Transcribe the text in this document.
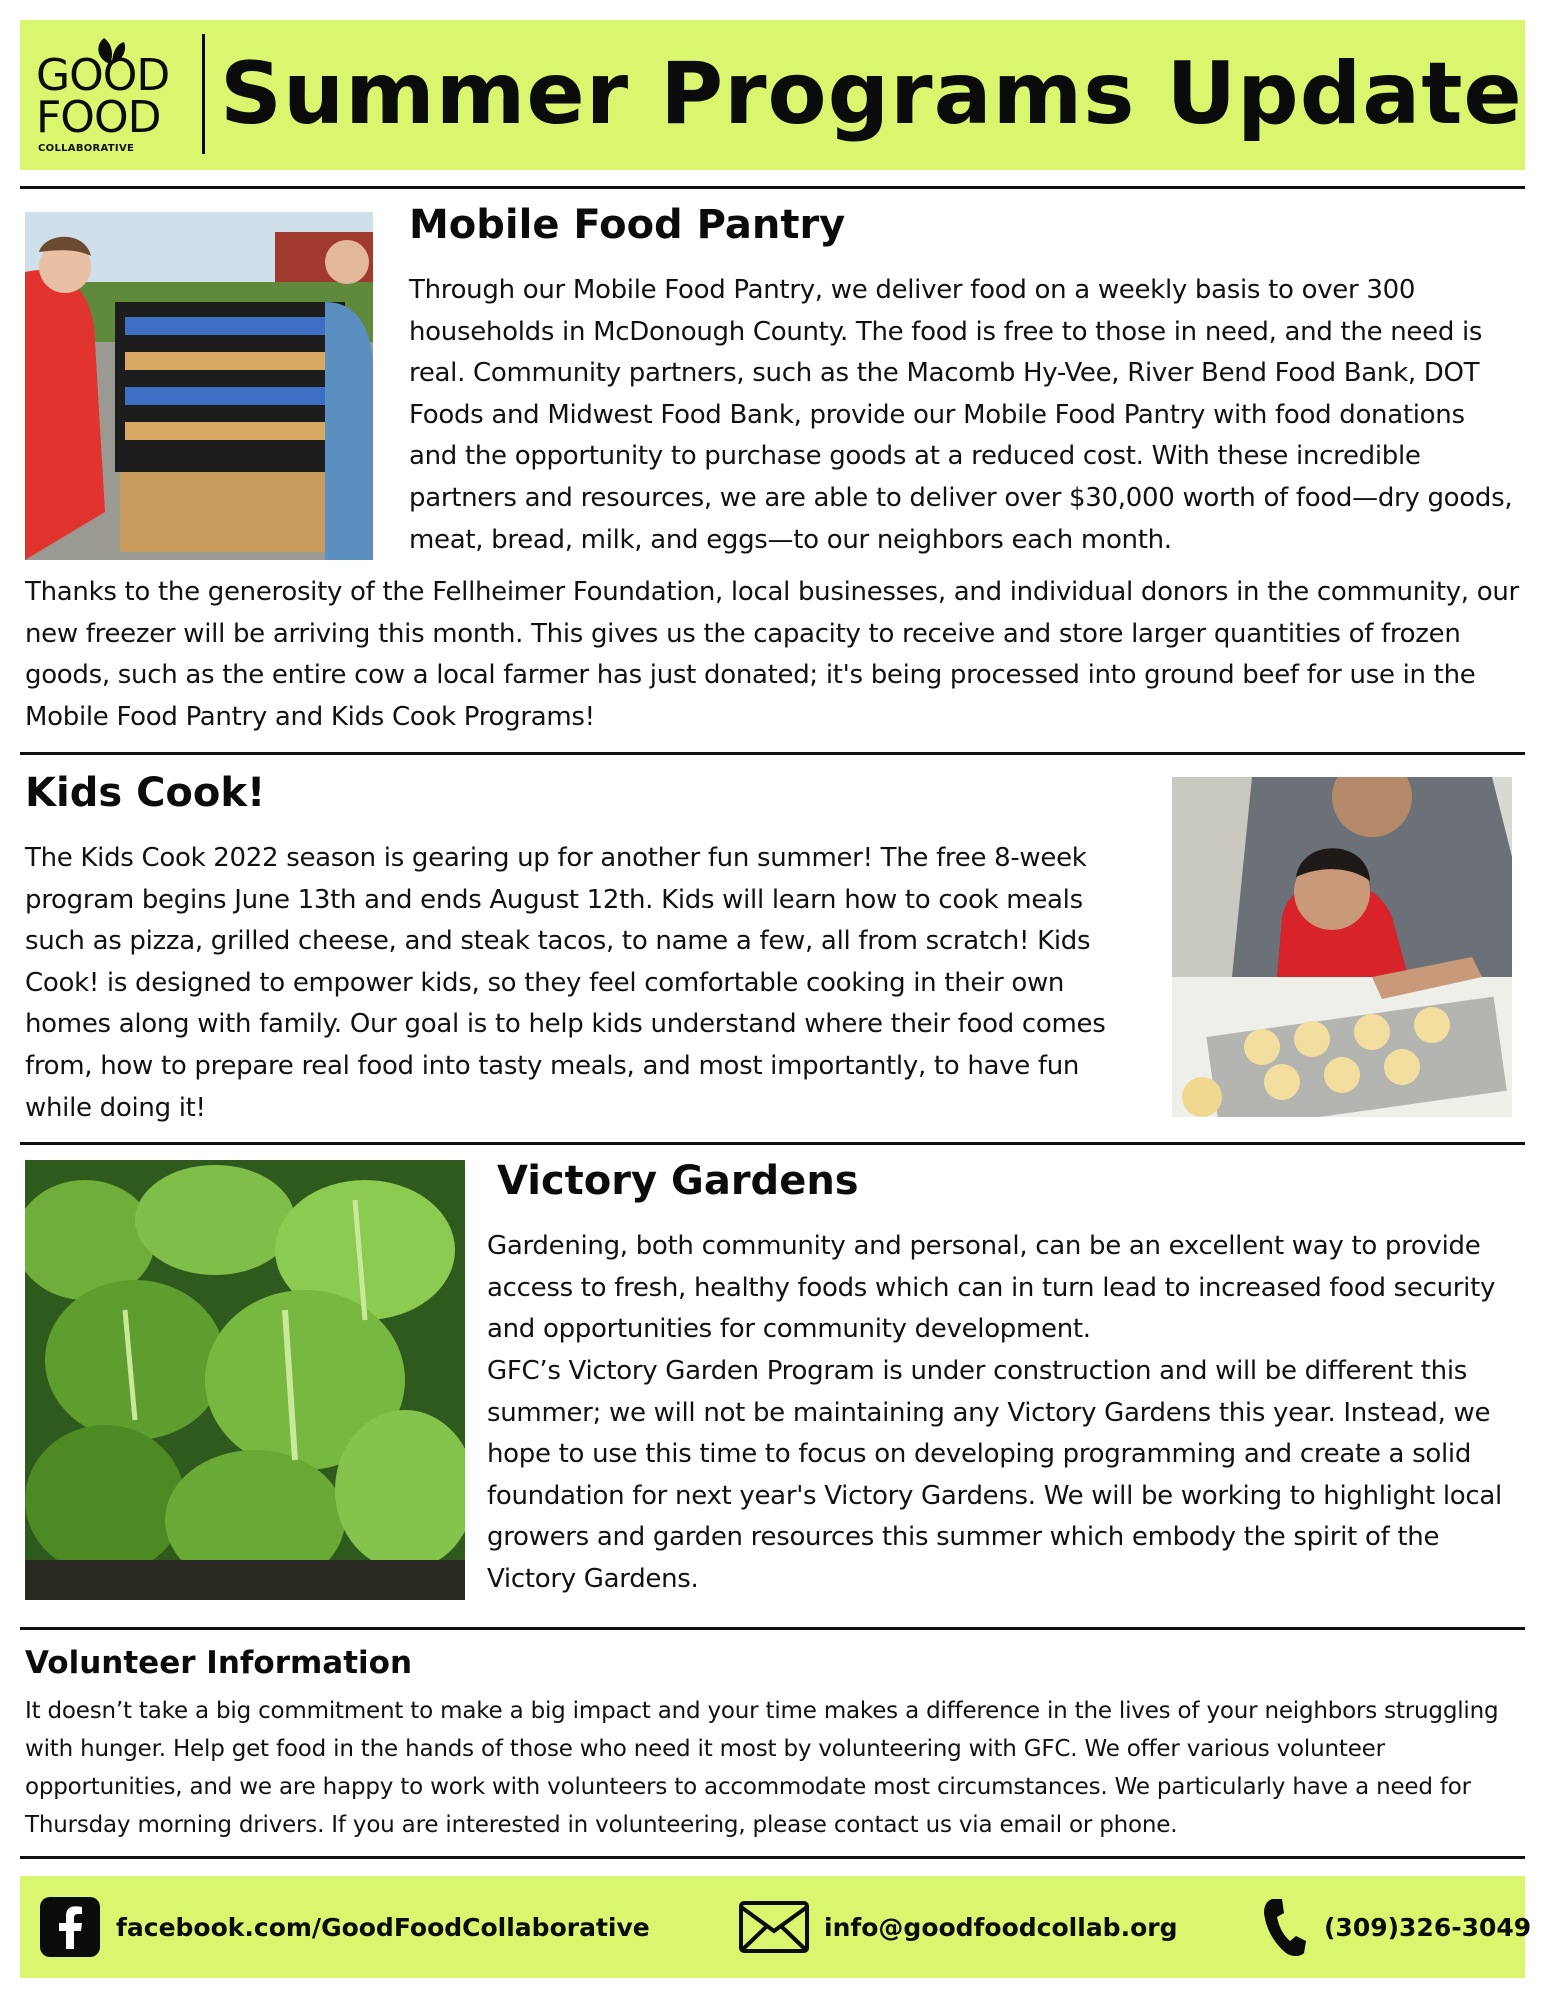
GOOD
FOOD
COLLABORATIVE
Summer Programs Update
Mobile Food Pantry

Through our Mobile Food Pantry, we deliver food on a weekly basis to over 300 households in McDonough County. The food is free to those in need, and the need is real. Community partners, such as the Macomb Hy-Vee, River Bend Food Bank, DOT Foods and Midwest Food Bank, provide our Mobile Food Pantry with food donations and the opportunity to purchase goods at a reduced cost. With these incredible partners and resources, we are able to deliver over $30,000 worth of food—dry goods, meat, bread, milk, and eggs—to our neighbors each month.

Thanks to the generosity of the Fellheimer Foundation, local businesses, and individual donors in the community, our new freezer will be arriving this month. This gives us the capacity to receive and store larger quantities of frozen goods, such as the entire cow a local farmer has just donated; it's being processed into ground beef for use in the Mobile Food Pantry and Kids Cook Programs!

Kids Cook!

The Kids Cook 2022 season is gearing up for another fun summer! The free 8-week program begins June 13th and ends August 12th. Kids will learn how to cook meals such as pizza, grilled cheese, and steak tacos, to name a few, all from scratch! Kids Cook! is designed to empower kids, so they feel comfortable cooking in their own homes along with family. Our goal is to help kids understand where their food comes from, how to prepare real food into tasty meals, and most importantly, to have fun while doing it!

Victory Gardens

Gardening, both community and personal, can be an excellent way to provide access to fresh, healthy foods which can in turn lead to increased food security and opportunities for community development.

GFC’s Victory Garden Program is under construction and will be different this summer; we will not be maintaining any Victory Gardens this year. Instead, we hope to use this time to focus on developing programming and create a solid foundation for next year's Victory Gardens. We will be working to highlight local growers and garden resources this summer which embody the spirit of the Victory Gardens.

Volunteer Information

It doesn’t take a big commitment to make a big impact and your time makes a difference in the lives of your neighbors struggling with hunger. Help get food in the hands of those who need it most by volunteering with GFC. We offer various volunteer opportunities, and we are happy to work with volunteers to accommodate most circumstances. We particularly have a need for Thursday morning drivers. If you are interested in volunteering, please contact us via email or phone.

facebook.com/GoodFoodCollaborative	info@goodfoodcollab.org	(309)326-3049
